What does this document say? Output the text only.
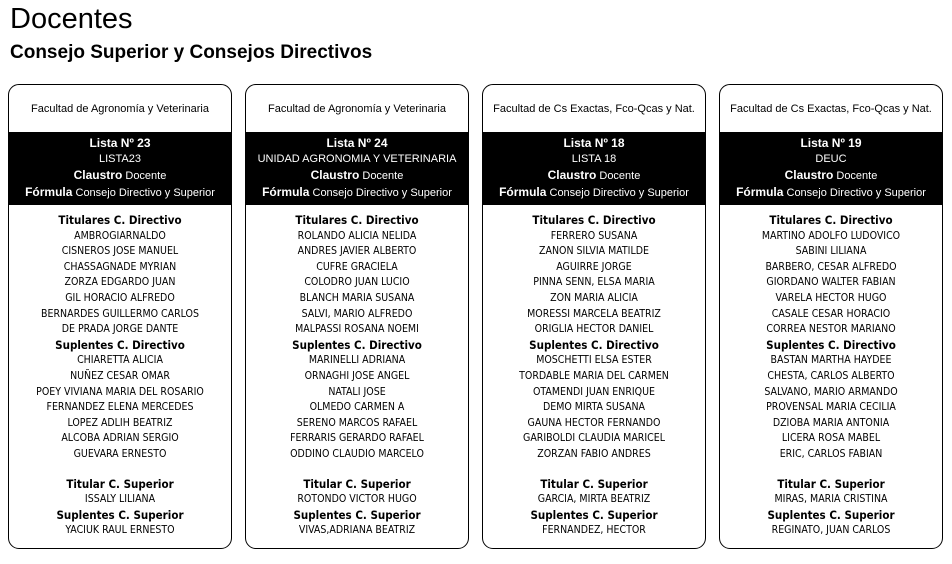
Docentes
Consejo Superior y Consejos Directivos
Facultad de Agronomía y Veterinaria
Lista Nº 23
LISTA23
Claustro Docente
Fórmula Consejo Directivo y Superior
Titulares C. Directivo
AMBROGIARNALDO
CISNEROS JOSE MANUEL
CHASSAGNADE MYRIAN
ZORZA EDGARDO JUAN
GIL HORACIO ALFREDO
BERNARDES GUILLERMO CARLOS
DE PRADA JORGE DANTE
Suplentes C. Directivo
CHIARETTA ALICIA
NUÑEZ CESAR OMAR
POEY VIVIANA MARIA DEL ROSARIO
FERNANDEZ ELENA MERCEDES
LOPEZ ADLIH BEATRIZ
ALCOBA ADRIAN SERGIO
GUEVARA ERNESTO
Titular C. Superior
ISSALY LILIANA
Suplentes C. Superior
YACIUK RAUL ERNESTO
Facultad de Agronomía y Veterinaria
Lista Nº 24
UNIDAD AGRONOMIA Y VETERINARIA
Claustro Docente
Fórmula Consejo Directivo y Superior
Titulares C. Directivo
ROLANDO ALICIA NELIDA
ANDRES JAVIER ALBERTO
CUFRE GRACIELA
COLODRO JUAN LUCIO
BLANCH MARIA SUSANA
SALVI, MARIO ALFREDO
MALPASSI ROSANA NOEMI
Suplentes C. Directivo
MARINELLI ADRIANA
ORNAGHI JOSE ANGEL
NATALI JOSE
OLMEDO CARMEN A
SERENO MARCOS RAFAEL
FERRARIS GERARDO RAFAEL
ODDINO CLAUDIO MARCELO
Titular C. Superior
ROTONDO VICTOR HUGO
Suplentes C. Superior
VIVAS,ADRIANA BEATRIZ
Facultad de Cs Exactas, Fco-Qcas y Nat.
Lista Nº 18
LISTA 18
Claustro Docente
Fórmula Consejo Directivo y Superior
Titulares C. Directivo
FERRERO SUSANA
ZANON SILVIA MATILDE
AGUIRRE JORGE
PINNA SENN, ELSA MARIA
ZON MARIA ALICIA
MORESSI MARCELA BEATRIZ
ORIGLIA HECTOR DANIEL
Suplentes C. Directivo
MOSCHETTI ELSA ESTER
TORDABLE MARIA DEL CARMEN
OTAMENDI JUAN ENRIQUE
DEMO MIRTA SUSANA
GAUNA HECTOR FERNANDO
GARIBOLDI CLAUDIA MARICEL
ZORZAN FABIO ANDRES
Titular C. Superior
GARCIA, MIRTA BEATRIZ
Suplentes C. Superior
FERNANDEZ, HECTOR
Facultad de Cs Exactas, Fco-Qcas y Nat.
Lista Nº 19
DEUC
Claustro Docente
Fórmula Consejo Directivo y Superior
Titulares C. Directivo
MARTINO ADOLFO LUDOVICO
SABINI LILIANA
BARBERO, CESAR ALFREDO
GIORDANO WALTER FABIAN
VARELA HECTOR HUGO
CASALE CESAR HORACIO
CORREA NESTOR MARIANO
Suplentes C. Directivo
BASTAN MARTHA HAYDEE
CHESTA, CARLOS ALBERTO
SALVANO, MARIO ARMANDO
PROVENSAL MARIA CECILIA
DZIOBA MARIA ANTONIA
LICERA ROSA MABEL
ERIC, CARLOS FABIAN
Titular C. Superior
MIRAS, MARIA CRISTINA
Suplentes C. Superior
REGINATO, JUAN CARLOS
